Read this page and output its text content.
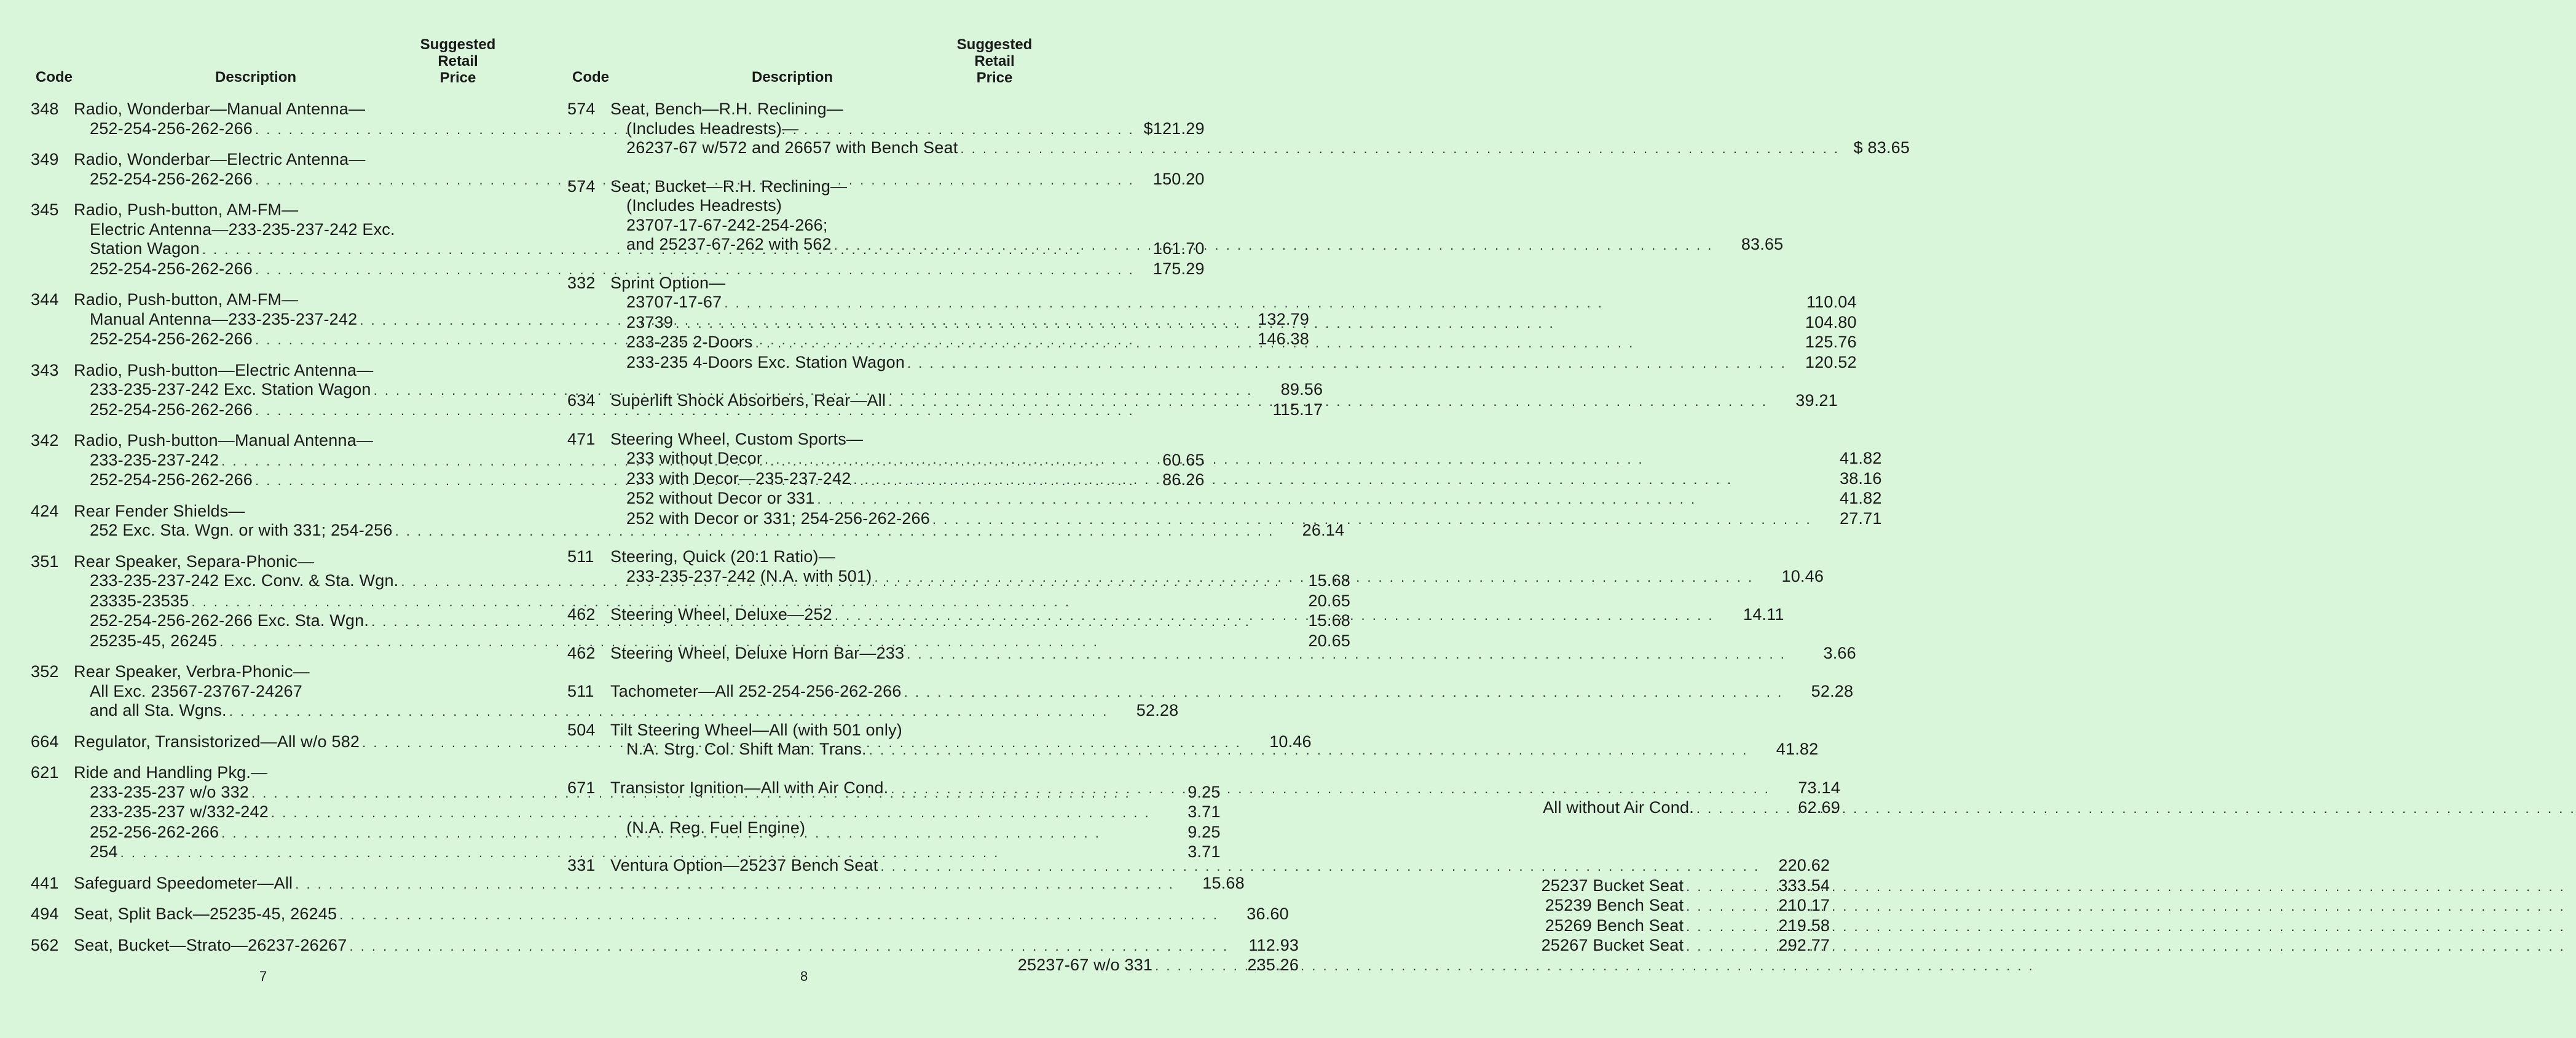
Code	Description
Suggested
Retail
Price
348 Radio, Wonderbar—Manual Antenna—
252-254-256-262-266 . . .	$121.29
349 Radio, Wonderbar—Electric Antenna—
252-254-256-262-266 . . .	150.20
345 Radio, Push-button, AM-FM—
Electric Antenna—233-235-237-242 Exc.
Station Wagon . . .	161.70
252-254-256-262-266 . . .	175.29
344 Radio, Push-button, AM-FM—
Manual Antenna—233-235-237-242 . . .	132.79
252-254-256-262-266 . . .	146.38
343 Radio, Push-button—Electric Antenna—
233-235-237-242 Exc. Station Wagon . . .	89.56
252-254-256-262-266 . . .	115.17
342 Radio, Push-button—Manual Antenna—
233-235-237-242 . . .	60.65
252-254-256-262-266 . . .	86.26
424 Rear Fender Shields—
252 Exc. Sta. Wgn. or with 331; 254-256 . . .	26.14
351 Rear Speaker, Separa-Phonic—
233-235-237-242 Exc. Conv. & Sta. Wgn. . . .	15.68
23335-23535 . . .	20.65
252-254-256-262-266 Exc. Sta. Wgn. . . .	15.68
25235-45, 26245 . . .	20.65
352 Rear Speaker, Verbra-Phonic—
All Exc. 23567-23767-24267
and all Sta. Wgns. . . .	52.28
664 Regulator, Transistorized—All w/o 582 . . .	10.46
621 Ride and Handling Pkg.—
233-235-237 w/o 332 . . .	9.25
233-235-237 w/332-242 . . .	3.71
252-256-262-266 . . .	9.25
254 . . .	3.71
441 Safeguard Speedometer—All . . .	15.68
494 Seat, Split Back—25235-45, 26245 . . .	36.60
562 Seat, Bucket—Strato—26237-26267 . . .	112.93
25237-67 w/o 331 . . .	235.26
Code	Description
Suggested
Retail
Price
574 Seat, Bench—R.H. Reclining—
(Includes Headrests)—
26237-67 w/572 and 26657 with Bench Seat . . .	$ 83.65
574 Seat, Bucket—R.H. Reclining—
(Includes Headrests)
23707-17-67-242-254-266;
and 25237-67-262 with 562 . . .	83.65
332 Sprint Option—
23707-17-67 . . .	110.04
23739 . . .	104.80
233-235 2-Doors . . .	125.76
233-235 4-Doors Exc. Station Wagon . . .	120.52
634 Superlift Shock Absorbers, Rear—All . . .	39.21
471 Steering Wheel, Custom Sports—
233 without Decor . . .	41.82
233 with Decor—235-237-242 . . .	38.16
252 without Decor or 331 . . .	41.82
252 with Decor or 331; 254-256-262-266 . . .	27.71
511 Steering, Quick (20:1 Ratio)—
233-235-237-242 (N.A. with 501) . . .	10.46
462 Steering Wheel, Deluxe—252 . . .	14.11
462 Steering Wheel, Deluxe Horn Bar—233 . . .	3.66
511 Tachometer—All 252-254-256-262-266 . . .	52.28
504 Tilt Steering Wheel—All (with 501 only)
N.A. Strg. Col. Shift Man. Trans. . . .	41.82
671 Transistor Ignition—All with Air Cond. . . .	73.14
All without Air Cond. . . .	62.69
(N.A. Reg. Fuel Engine)
331 Ventura Option—25237 Bench Seat . . .	220.62
25237 Bucket Seat . . .	333.54
25239 Bench Seat . . .	210.17
25269 Bench Seat . . .	219.58
25267 Bucket Seat . . .	292.77
7	8
